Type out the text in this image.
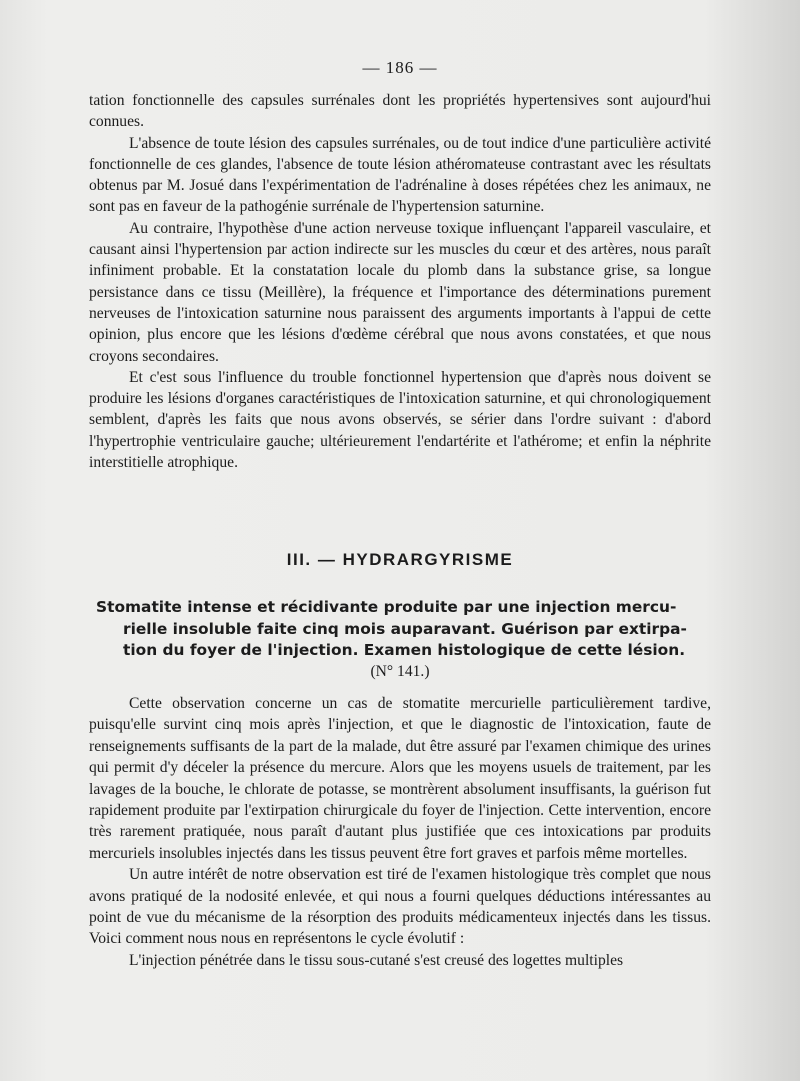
— 186 —

tation fonctionnelle des capsules surrénales dont les propriétés hypertensives sont aujourd'hui connues.

L'absence de toute lésion des capsules surrénales, ou de tout indice d'une particulière activité fonctionnelle de ces glandes, l'absence de toute lésion athéromateuse contrastant avec les résultats obtenus par M. Josué dans l'expérimentation de l'adrénaline à doses répétées chez les animaux, ne sont pas en faveur de la pathogénie surrénale de l'hypertension saturnine.

Au contraire, l'hypothèse d'une action nerveuse toxique influençant l'appareil vasculaire, et causant ainsi l'hypertension par action indirecte sur les muscles du cœur et des artères, nous paraît infiniment probable. Et la constatation locale du plomb dans la substance grise, sa longue persistance dans ce tissu (Meillère), la fréquence et l'importance des déterminations purement nerveuses de l'intoxication saturnine nous paraissent des arguments importants à l'appui de cette opinion, plus encore que les lésions d'œdème cérébral que nous avons constatées, et que nous croyons secondaires.

Et c'est sous l'influence du trouble fonctionnel hypertension que d'après nous doivent se produire les lésions d'organes caractéristiques de l'intoxication saturnine, et qui chronologiquement semblent, d'après les faits que nous avons observés, se sérier dans l'ordre suivant : d'abord l'hypertrophie ventriculaire gauche; ultérieurement l'endartérite et l'athérome; et enfin la néphrite interstitielle atrophique.

III. — HYDRARGYRISME
Stomatite intense et récidivante produite par une injection mercu-
rielle insoluble faite cinq mois auparavant. Guérison par extirpa-
tion du foyer de l'injection. Examen histologique de cette lésion.
(N° 141.)

Cette observation concerne un cas de stomatite mercurielle particulièrement tardive, puisqu'elle survint cinq mois après l'injection, et que le diagnostic de l'intoxication, faute de renseignements suffisants de la part de la malade, dut être assuré par l'examen chimique des urines qui permit d'y déceler la présence du mercure. Alors que les moyens usuels de traitement, par les lavages de la bouche, le chlorate de potasse, se montrèrent absolument insuffisants, la guérison fut rapidement produite par l'extirpation chirurgicale du foyer de l'injection. Cette intervention, encore très rarement pratiquée, nous paraît d'autant plus justifiée que ces intoxications par produits mercuriels insolubles injectés dans les tissus peuvent être fort graves et parfois même mortelles.

Un autre intérêt de notre observation est tiré de l'examen histologique très complet que nous avons pratiqué de la nodosité enlevée, et qui nous a fourni quelques déductions intéressantes au point de vue du mécanisme de la résorption des produits médicamenteux injectés dans les tissus. Voici comment nous nous en représentons le cycle évolutif :

L'injection pénétrée dans le tissu sous-cutané s'est creusé des logettes multiples
